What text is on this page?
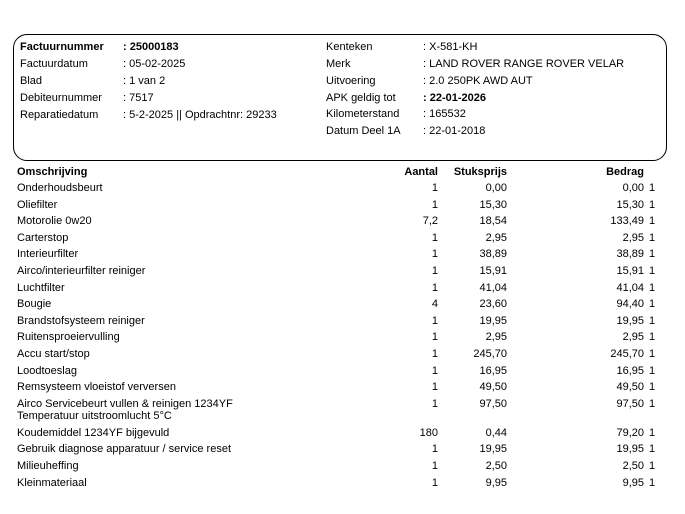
Factuurnummer : 25000183
Factuurdatum	: 05-02-2025
Blad	: 1 van 2
Debiteurnummer : 7517
Reparatiedatum : 5-2-2025 || Opdrachtnr: 29233
Kenteken	: X-581-KH
Merk	: LAND ROVER RANGE ROVER VELAR
Uitvoering	: 2.0 250PK AWD AUT
APK geldig tot : 22-01-2026
Kilometerstand : 165532
Datum Deel 1A : 22-01-2018
Omschrijving	Aantal Stuksprijs	Bedrag
Onderhoudsbeurt	1	0,00	0,00 1
Oliefilter	1	15,30	15,30 1
Motorolie 0w20	7,2	18,54	133,49 1
Carterstop	1	2,95	2,95 1
Interieurfilter	1	38,89	38,89 1
Airco/interieurfilter reiniger	1	15,91	15,91 1
Luchtfilter	1	41,04	41,04 1
Bougie	4	23,60	94,40 1
Brandstofsysteem reiniger	1	19,95	19,95 1
Ruitensproeiervulling	1	2,95	2,95 1
Accu start/stop	1	245,70	245,70 1
Loodtoeslag	1	16,95	16,95 1
Remsysteem vloeistof verversen	1	49,50	49,50 1
Airco Servicebeurt vullen & reinigen 1234YF	1	97,50	97,50 1
Temperatuur uitstroomlucht 5°C
Koudemiddel 1234YF bijgevuld	180	0,44	79,20 1
Gebruik diagnose apparatuur / service reset	1	19,95	19,95 1
Milieuheffing	1	2,50	2,50 1
Kleinmateriaal	1	9,95	9,95 1
